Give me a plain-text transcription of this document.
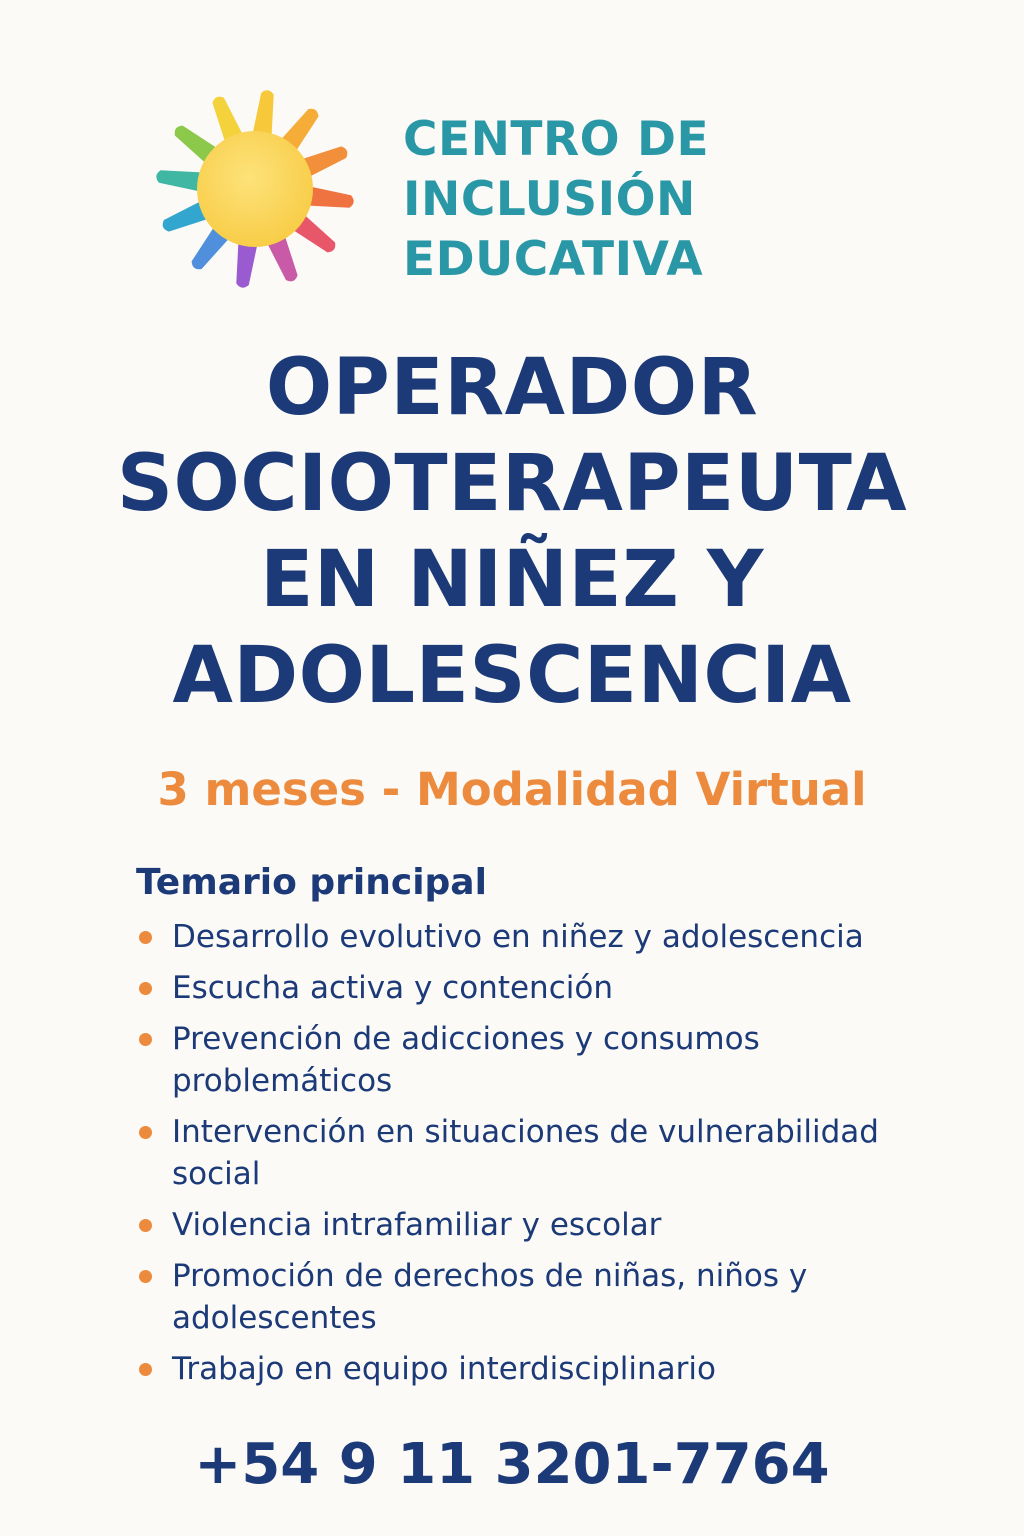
CENTRO DE
INCLUSIÓN
EDUCATIVA
OPERADOR
SOCIOTERAPEUTA
EN NIÑEZ Y
ADOLESCENCIA
3 meses - Modalidad Virtual
Temario principal
Desarrollo evolutivo en niñez y adolescencia
Escucha activa y contención
Prevención de adicciones y consumos problemáticos
Intervención en situaciones de vulnerabilidad social
Violencia intrafamiliar y escolar
Promoción de derechos de niñas, niños y adolescentes
Trabajo en equipo interdisciplinario
+54 9 11 3201-7764
